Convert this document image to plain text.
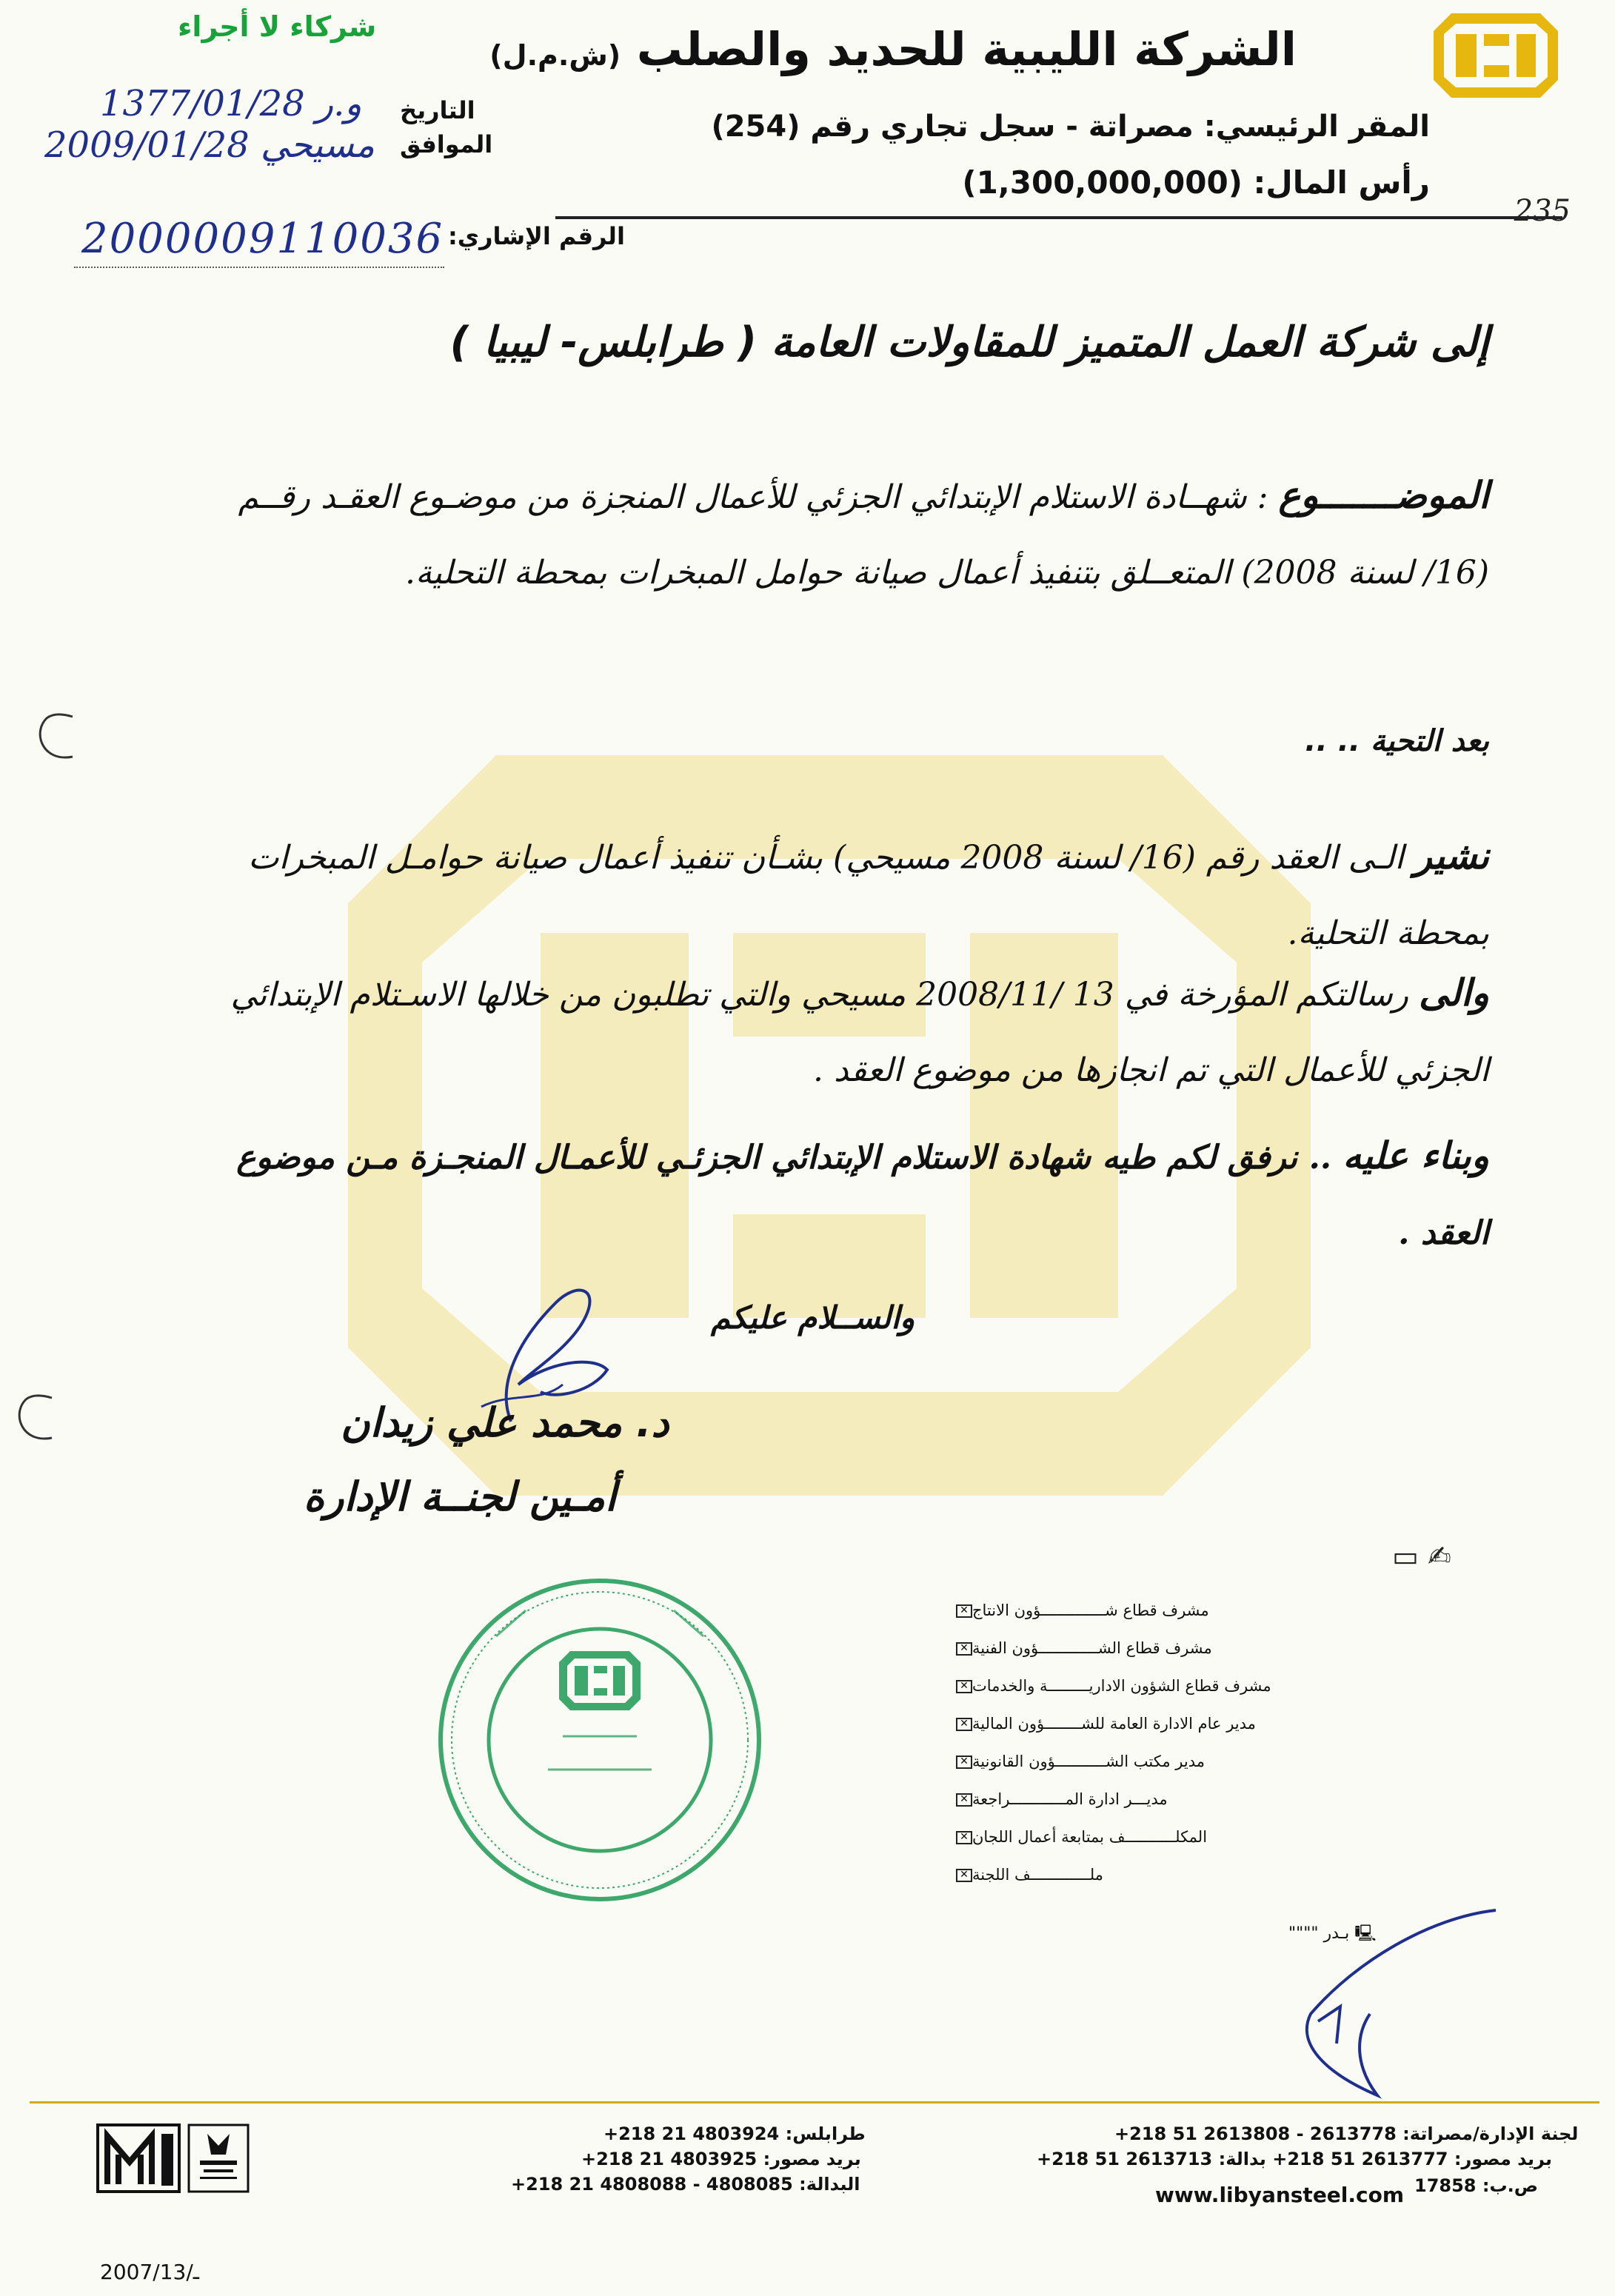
الشركة الليبية للحديد والصلب (ش.م.ل)
المقر الرئيسي: مصراتة - سجل تجاري رقم (254)
رأس المال: (1,300,000,000)
شركاء لا أجراء
235
التاريخ
1377/01/28 و.ر
الموافق
2009/01/28 مسيحي
الرقم الإشاري:
2000009110036
إلى شركة العمل المتميز للمقاولات العامة ( طرابلس- ليبيا )
الموضـــــــوع : شهــادة الاستلام الإبتدائي الجزئي للأعمال المنجزة من موضـوع العقـد رقــم (16/ لسنة 2008) المتعــلق بتنفيذ أعمال صيانة حوامل المبخرات بمحطة التحلية.
بعد التحية .. ..
نشير الـى العقد رقم (16/ لسنة 2008 مسيحي) بشـأن تنفيذ أعمال صيانة حوامـل المبخرات بمحطة التحلية.
والى رسالتكم المؤرخة في 13 /2008/11 مسيحي والتي تطلبون من خلالها الاسـتلام الإبتدائي الجزئي للأعمال التي تم انجازها من موضوع العقد .
وبناء عليه .. نرفق لكم طيه شهادة الاستلام الإبتدائي الجزئـي للأعمـال المنجـزة مـن موضوع العقد .
والســلام عليكم
د. محمد علي زيدان
أمـين لجنــة الإدارة
▭ ✍
✕ مشرف قطاع شــــــــــــــؤون الانتاج
✕ مشرف قطاع الشـــــــــــــؤون الفنية
✕ مشرف قطاع الشؤون الاداريـــــــــة والخدمات
✕ مدير عام الادارة العامة للشــــــــؤون المالية
✕ مدير مكتب الشـــــــــــؤون القانونية
✕ مديـــر ادارة المــــــــــــراجعة
✕ المكلـــــــــــف بمتابعة أعمال اللجان
✕ ملـــــــــــــف اللجنة
🖳 بـدر """"
لجنة الإدارة/مصراتة: 2613778 - 2613808 51 218+
بريد مصور: 2613777 51 218+ بدالة: 2613713 51 218+
ص.ب: 17858
www.libyansteel.com
طرابلس: 4803924 21 218+
بريد مصور: 4803925 21 218+
البدالة: 4808085 - 4808088 21 218+
2007/13/ـ
